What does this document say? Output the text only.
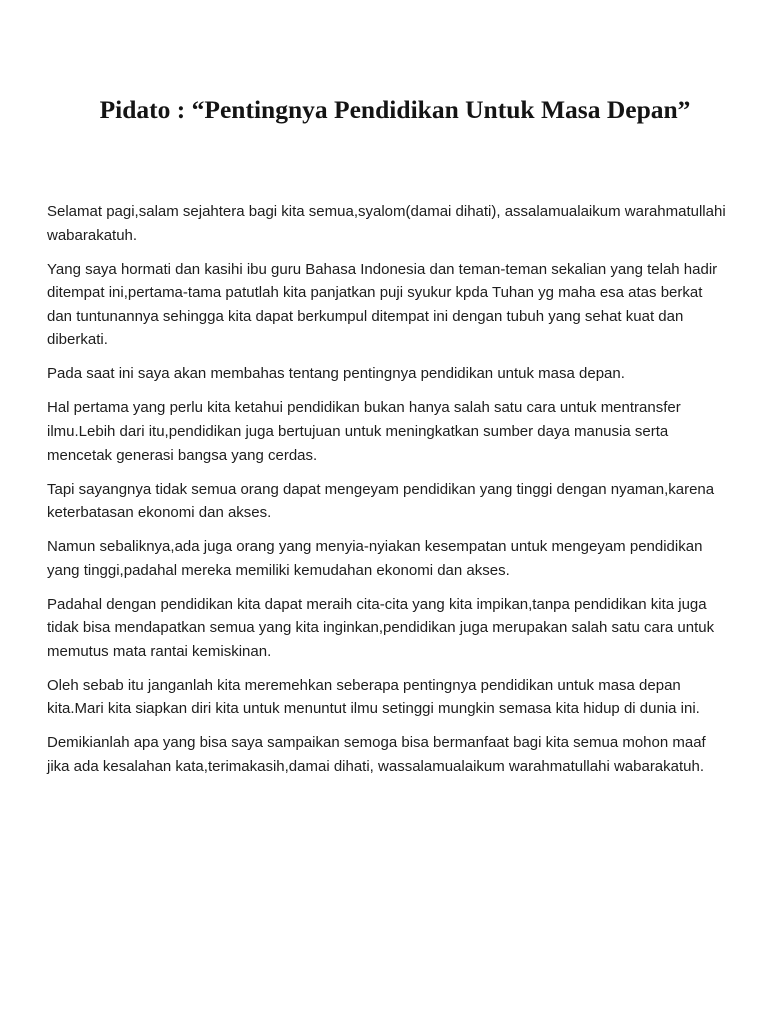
Pidato : “Pentingnya Pendidikan Untuk Masa Depan”

Selamat pagi,salam sejahtera bagi kita semua,syalom(damai dihati), assalamualaikum warahmatullahi wabarakatuh.

Yang saya hormati dan kasihi ibu guru Bahasa Indonesia dan teman-teman sekalian yang telah hadir ditempat ini,pertama-tama patutlah kita panjatkan puji syukur kpda Tuhan yg maha esa atas berkat dan tuntunannya sehingga kita dapat berkumpul ditempat ini dengan tubuh yang sehat kuat dan diberkati.

Pada saat ini saya akan membahas tentang pentingnya pendidikan untuk masa depan.

Hal pertama yang perlu kita ketahui pendidikan bukan hanya salah satu cara untuk mentransfer ilmu.Lebih dari itu,pendidikan juga bertujuan untuk meningkatkan sumber daya manusia serta mencetak generasi bangsa yang cerdas.

Tapi sayangnya tidak semua orang dapat mengeyam pendidikan yang tinggi dengan nyaman,karena keterbatasan ekonomi dan akses.

Namun sebaliknya,ada juga orang yang menyia-nyiakan kesempatan untuk mengeyam pendidikan yang tinggi,padahal mereka memiliki kemudahan ekonomi dan akses.

Padahal dengan pendidikan kita dapat meraih cita-cita yang kita impikan,tanpa pendidikan kita juga tidak bisa mendapatkan semua yang kita inginkan,pendidikan juga merupakan salah satu cara untuk memutus mata rantai kemiskinan.

Oleh sebab itu janganlah kita meremehkan seberapa pentingnya pendidikan untuk masa depan kita.Mari kita siapkan diri kita untuk menuntut ilmu setinggi mungkin semasa kita hidup di dunia ini.

Demikianlah apa yang bisa saya sampaikan semoga bisa bermanfaat bagi kita semua mohon maaf jika ada kesalahan kata,terimakasih,damai dihati, wassalamualaikum warahmatullahi wabarakatuh.
